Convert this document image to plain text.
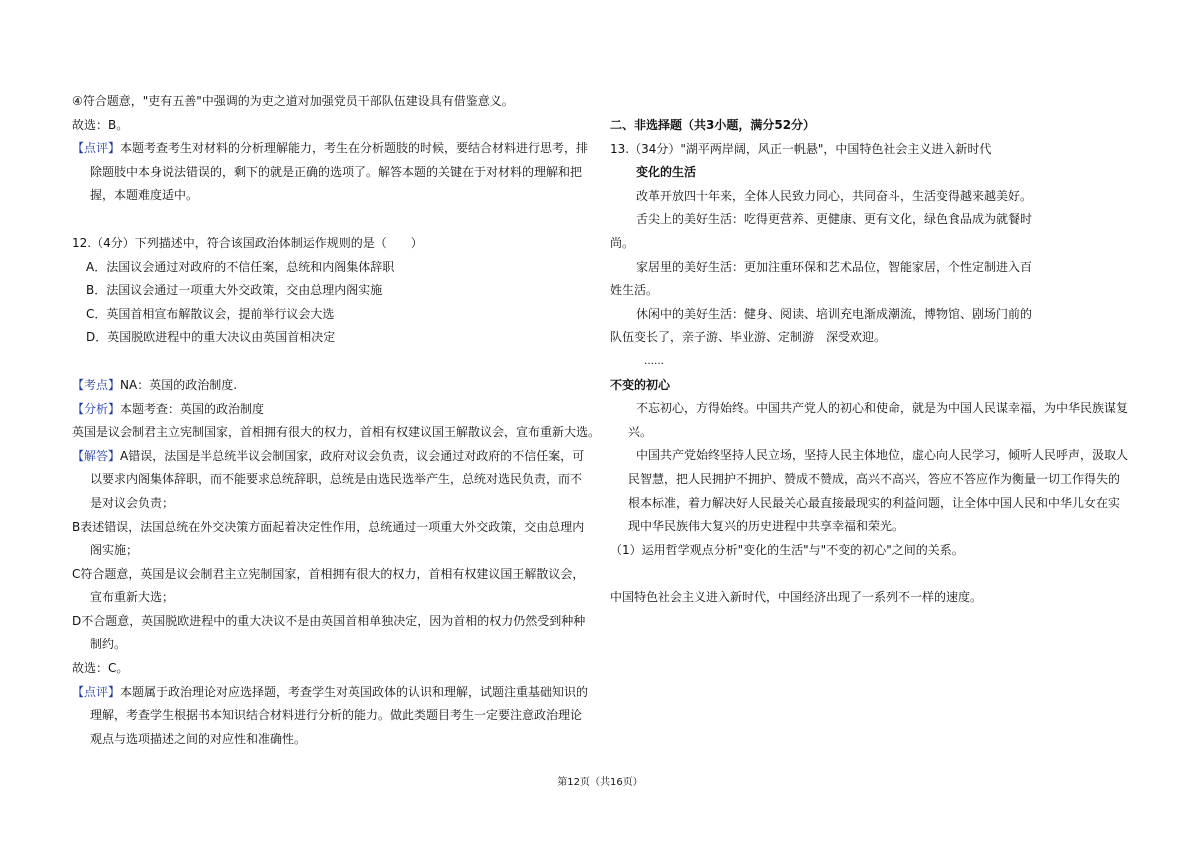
④符合题意，"吏有五善"中强调的为吏之道对加强党员干部队伍建设具有借鉴意义。
故选：B。
【点评】本题考查考生对材料的分析理解能力，考生在分析题肢的时候，要结合材料进行思考，排
除题肢中本身说法错误的，剩下的就是正确的选项了。解答本题的关键在于对材料的理解和把
握，本题难度适中。
12.（4分）下列描述中，符合该国政治体制运作规则的是（　　）
A．法国议会通过对政府的不信任案，总统和内阁集体辞职
B．法国议会通过一项重大外交政策，交由总理内阁实施
C．英国首相宣布解散议会，提前举行议会大选
D．英国脱欧进程中的重大决议由英国首相决定
【考点】NA：英国的政治制度.
【分析】本题考查：英国的政治制度
英国是议会制君主立宪制国家，首相拥有很大的权力，首相有权建议国王解散议会，宣布重新大选。
【解答】A错误，法国是半总统半议会制国家，政府对议会负责，议会通过对政府的不信任案，可
以要求内阁集体辞职，而不能要求总统辞职，总统是由选民选举产生，总统对选民负责，而不
是对议会负责；
B表述错误，法国总统在外交决策方面起着决定性作用，总统通过一项重大外交政策，交由总理内
阁实施；
C符合题意，英国是议会制君主立宪制国家，首相拥有很大的权力，首相有权建议国王解散议会，
宣布重新大选；
D不合题意，英国脱欧进程中的重大决议不是由英国首相单独决定，因为首相的权力仍然受到种种
制约。
故选：C。
【点评】本题属于政治理论对应选择题，考查学生对英国政体的认识和理解，试题注重基础知识的
理解，考查学生根据书本知识结合材料进行分析的能力。做此类题目考生一定要注意政治理论
观点与选项描述之间的对应性和准确性。
二、非选择题（共3小题，满分52分）
13.（34分）"湖平两岸阔，风正一帆悬"，中国特色社会主义进入新时代
变化的生活
改革开放四十年来，全体人民致力同心，共同奋斗，生活变得越来越美好。
舌尖上的美好生活：吃得更营养、更健康、更有文化，绿色食品成为就餐时
尚。
家居里的美好生活：更加注重环保和艺术品位，智能家居，个性定制进入百
姓生活。
休闲中的美好生活：健身、阅读、培训充电渐成潮流，博物馆、剧场门前的
队伍变长了，亲子游、毕业游、定制游　深受欢迎。
……
不变的初心
不忘初心，方得始终。中国共产党人的初心和使命，就是为中国人民谋幸福，为中华民族谋复
兴。
中国共产党始终坚持人民立场，坚持人民主体地位，虚心向人民学习，倾听人民呼声，汲取人
民智慧，把人民拥护不拥护、赞成不赞成，高兴不高兴，答应不答应作为衡量一切工作得失的
根本标准，着力解决好人民最关心最直接最现实的利益问题，让全体中国人民和中华儿女在实
现中华民族伟大复兴的历史进程中共享幸福和荣光。
（1）运用哲学观点分析"变化的生活"与"不变的初心"之间的关系。
中国特色社会主义进入新时代，中国经济出现了一系列不一样的速度。
第12页（共16页）
